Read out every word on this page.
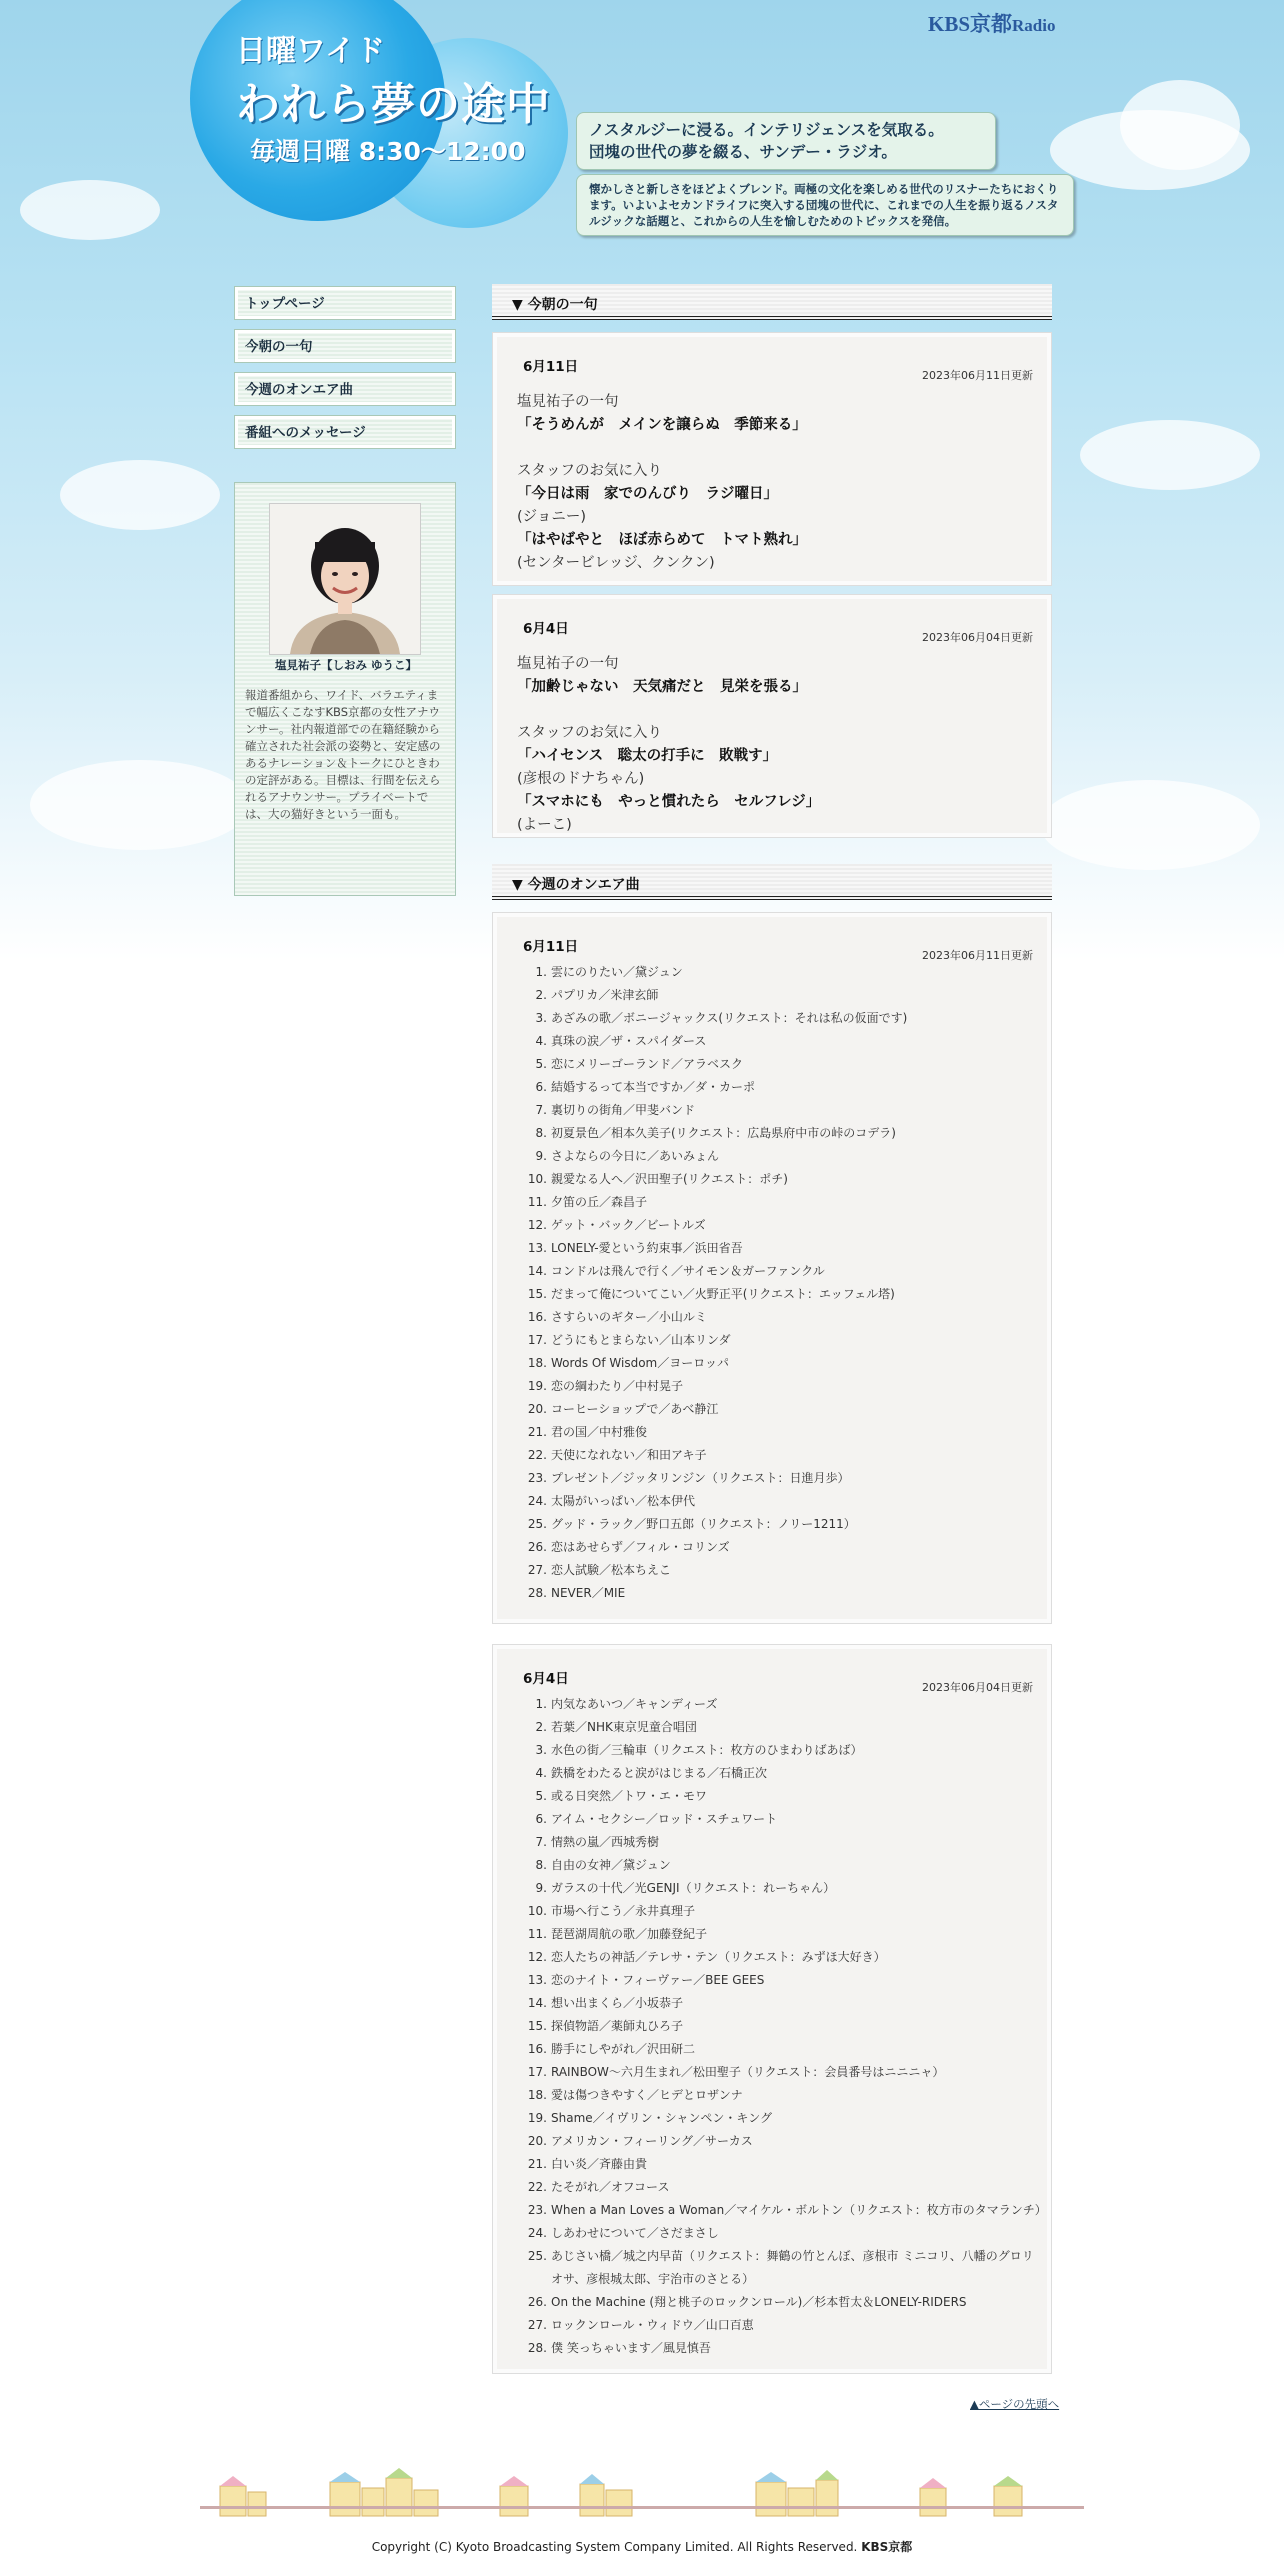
KBS京都Radio
日曜ワイド
われら夢の途中
毎週日曜 8:30〜12:00
ノスタルジーに浸る。インテリジェンスを気取る。
団塊の世代の夢を綴る、サンデー・ラジオ。
懐かしさと新しさをほどよくブレンド。両極の文化を楽しめる世代のリスナーたちにおくります。いよいよセカンドライフに突入する団塊の世代に、これまでの人生を振り返るノスタルジックな話題と、これからの人生を愉しむためのトピックスを発信。
トップページ
今朝の一句
今週のオンエア曲
番組へのメッセージ
塩見祐子【しおみ ゆうこ】
報道番組から、ワイド、バラエティまで幅広くこなすKBS京都の女性アナウンサー。社内報道部での在籍経験から確立された社会派の姿勢と、安定感のあるナレーション＆トークにひときわの定評がある。目標は、行間を伝えられるアナウンサー。プライベートでは、大の猫好きという一面も。
▼ 今朝の一句
6月11日
2023年06月11日更新
塩見祐子の一句
「そうめんが　メインを譲らぬ　季節来る」

スタッフのお気に入り
「今日は雨　家でのんびり　ラジ曜日」
(ジョニー)
「はやばやと　ほぼ赤らめて　トマト熟れ」
(センタービレッジ、クンクン)
6月4日
2023年06月04日更新
塩見祐子の一句
「加齢じゃない　天気痛だと　見栄を張る」

スタッフのお気に入り
「ハイセンス　聡太の打手に　敗戦す」
(彦根のドナちゃん)
「スマホにも　やっと慣れたら　セルフレジ」
(よーこ)
▼ 今週のオンエア曲
6月11日
2023年06月11日更新
1. 雲にのりたい／黛ジュン
2. パプリカ／米津玄師
3. あざみの歌／ボニージャックス(リクエスト：それは私の仮面です)
4. 真珠の涙／ザ・スパイダース
5. 恋にメリーゴーランド／アラベスク
6. 結婚するって本当ですか／ダ・カーポ
7. 裏切りの街角／甲斐バンド
8. 初夏景色／相本久美子(リクエスト：広島県府中市の峠のコデラ)
9. さよならの今日に／あいみょん
10. 親愛なる人へ／沢田聖子(リクエスト：ポチ)
11. 夕笛の丘／森昌子
12. ゲット・バック／ビートルズ
13. LONELY-愛という約束事／浜田省吾
14. コンドルは飛んで行く／サイモン＆ガーファンクル
15. だまって俺についてこい／火野正平(リクエスト：エッフェル塔)
16. さすらいのギター／小山ルミ
17. どうにもとまらない／山本リンダ
18. Words Of Wisdom／ヨーロッパ
19. 恋の綱わたり／中村晃子
20. コーヒーショップで／あべ静江
21. 君の国／中村雅俊
22. 天使になれない／和田アキ子
23. プレゼント／ジッタリンジン（リクエスト：日進月歩）
24. 太陽がいっぱい／松本伊代
25. グッド・ラック／野口五郎（リクエスト：ノリー1211）
26. 恋はあせらず／フィル・コリンズ
27. 恋人試験／松本ちえこ
28. NEVER／MIE
6月4日
2023年06月04日更新
1. 内気なあいつ／キャンディーズ
2. 若葉／NHK東京児童合唱団
3. 水色の街／三輪車（リクエスト：枚方のひまわりばあば）
4. 鉄橋をわたると涙がはじまる／石橋正次
5. 或る日突然／トワ・エ・モワ
6. アイム・セクシー／ロッド・スチュワート
7. 情熱の嵐／西城秀樹
8. 自由の女神／黛ジュン
9. ガラスの十代／光GENJI（リクエスト：れーちゃん）
10. 市場へ行こう／永井真理子
11. 琵琶湖周航の歌／加藤登紀子
12. 恋人たちの神話／テレサ・テン（リクエスト：みずほ大好き）
13. 恋のナイト・フィーヴァー／BEE GEES
14. 想い出まくら／小坂恭子
15. 探偵物語／薬師丸ひろ子
16. 勝手にしやがれ／沢田研二
17. RAINBOW～六月生まれ／松田聖子（リクエスト：会員番号はニニニャ）
18. 愛は傷つきやすく／ヒデとロザンナ
19. Shame／イヴリン・シャンペン・キング
20. アメリカン・フィーリング／サーカス
21. 白い炎／斉藤由貴
22. たそがれ／オフコース
23. When a Man Loves a Woman／マイケル・ボルトン（リクエスト：枚方市のタマランチ）
24. しあわせについて／さだまさし
25. あじさい橋／城之内早苗（リクエスト：舞鶴の竹とんぼ、彦根市 ミニコリ、八幡のグロリオサ、彦根城太郎、宇治市のさとる）
26. On the Machine (翔と桃子のロックンロール)／杉本哲太＆LONELY-RIDERS
27. ロックンロール・ウィドウ／山口百恵
28. 僕 笑っちゃいます／風見慎吾
▲ページの先頭へ
Copyright (C) Kyoto Broadcasting System Company Limited. All Rights Reserved. KBS京都
